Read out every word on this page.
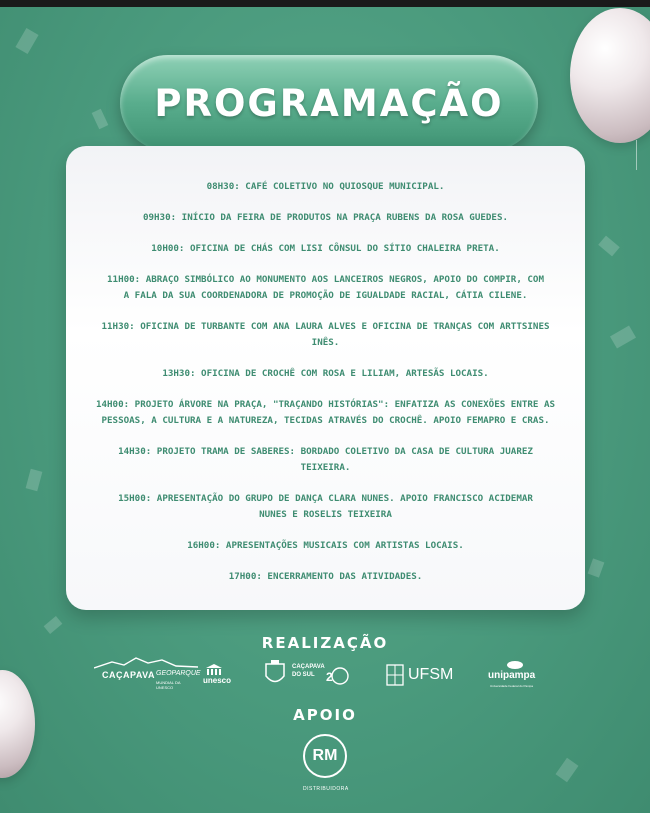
PROGRAMAÇÃO
08H30: CAFÉ COLETIVO NO QUIOSQUE MUNICIPAL.
09H30: INÍCIO DA FEIRA DE PRODUTOS NA PRAÇA RUBENS DA ROSA GUEDES.
10H00: OFICINA DE CHÁS COM LISI CÔNSUL DO SÍTIO CHALEIRA PRETA.
11H00: ABRAÇO SIMBÓLICO AO MONUMENTO AOS LANCEIROS NEGROS, APOIO DO COMPIR, COM
A FALA DA SUA COORDENADORA DE PROMOÇÃO DE IGUALDADE RACIAL, CÁTIA CILENE.
11H30: OFICINA DE TURBANTE COM ANA LAURA ALVES E OFICINA DE TRANÇAS COM ARTTSINES
INÊS.
13H30: OFICINA DE CROCHÊ COM ROSA E LILIAM, ARTESÃS LOCAIS.
14H00: PROJETO ÁRVORE NA PRAÇA, "TRAÇANDO HISTÓRIAS": ENFATIZA AS CONEXÕES ENTRE AS
PESSOAS, A CULTURA E A NATUREZA, TECIDAS ATRAVÉS DO CROCHÊ. APOIO FEMAPRO E CRAS.
14H30: PROJETO TRAMA DE SABERES: BORDADO COLETIVO DA CASA DE CULTURA JUAREZ
TEIXEIRA.
15H00: APRESENTAÇÃO DO GRUPO DE DANÇA CLARA NUNES. APOIO FRANCISCO ACIDEMAR
NUNES E ROSELIS TEIXEIRA
16H00: APRESENTAÇÕES MUSICAIS COM ARTISTAS LOCAIS.
17H00: ENCERRAMENTO DAS ATIVIDADES.
REALIZAÇÃO
CAÇAPAVA GEOPARQUE
MUNDIAL DA UNESCO
unesco
CAÇAPAVA
DO SUL 2	UFSM	unipampa
Universidade Federal do Pampa
APOIO
RM
DISTRIBUIDORA
